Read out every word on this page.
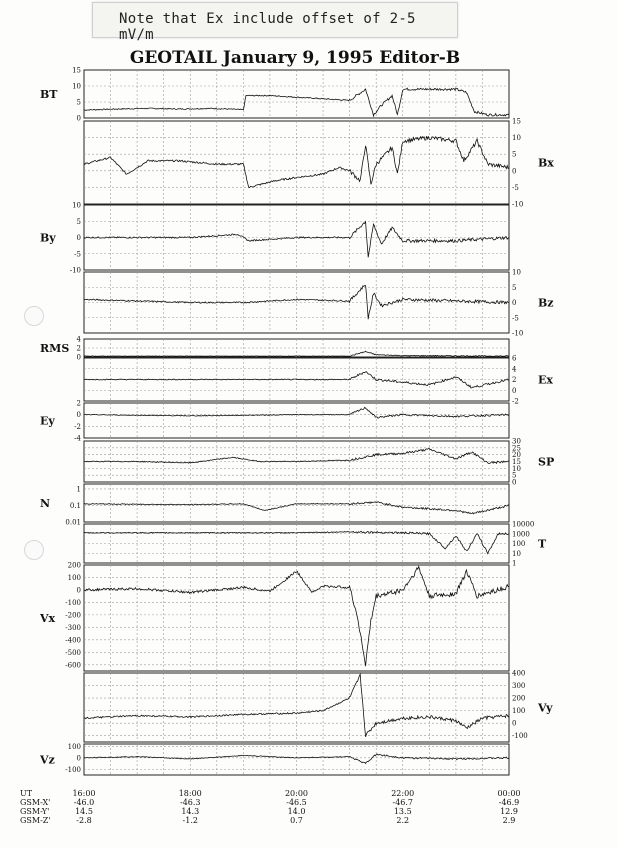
Note that Ex include offset of 2-5 mV/m
GEOTAIL January 9, 1995 Editor-B
15
10
5
0
BT
15
10
5
0
-5
-10
Bx
10
5
0
-5
-10
By
10
5
0
-5
-10
Bz
4
2
0
RMS
6
4
2
0
-2
Ex
2
0
-2
-4
Ey
30
25
20
15
10
5
0
SP
1
0.1
0.01
N
10000
1000
100
10
1
T
200
100
0
-100
-200
-300
-400
-500
-600
Vx
400
300
200
100
0
-100
Vy
100
0
-100
Vz
UT	16:00	18:00	20:00	22:00	00:00
GSM-X'	-46.0	-46.3	-46.5	-46.7	-46.9
GSM-Y'	14.5	14.3	14.0	13.5	12.9
GSM-Z'	-2.8	-1.2	0.7	2.2	2.9
